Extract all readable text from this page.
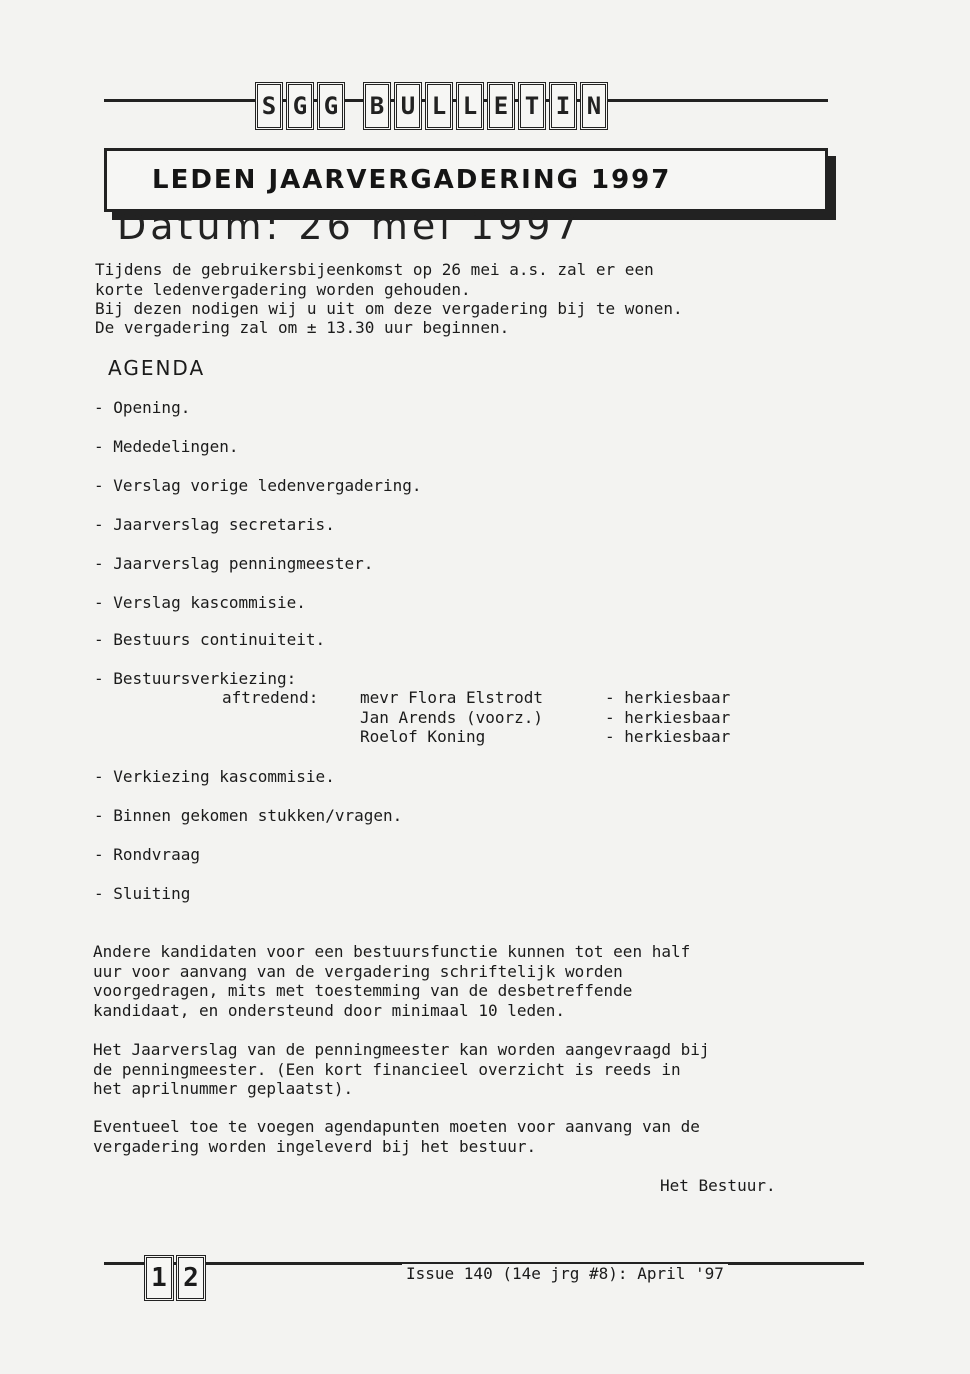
S G G B U L L E T I N
LEDEN JAARVERGADERING 1997
Datum: 26 mei 1997
Tijdens de gebruikersbijeenkomst op 26 mei a.s. zal er een
korte ledenvergadering worden gehouden.
Bij dezen nodigen wij u uit om deze vergadering bij te wonen.
De vergadering zal om ± 13.30 uur beginnen.
AGENDA
- Opening.
- Mededelingen.
- Verslag vorige ledenvergadering.
- Jaarverslag secretaris.
- Jaarverslag penningmeester.
- Verslag kascommisie.
- Bestuurs continuiteit.
- Bestuursverkiezing:
- Verkiezing kascommisie.
- Binnen gekomen stukken/vragen.
- Rondvraag
- Sluiting
aftredend:	mevr Flora Elstrodt	- herkiesbaar
Jan Arends (voorz.)	- herkiesbaar
Roelof Koning	- herkiesbaar
Andere kandidaten voor een bestuursfunctie kunnen tot een half
uur voor aanvang van de vergadering schriftelijk worden
voorgedragen, mits met toestemming van de desbetreffende
kandidaat, en ondersteund door minimaal 10 leden.
Het Jaarverslag van de penningmeester kan worden aangevraagd bij
de penningmeester. (Een kort financieel overzicht is reeds in
het aprilnummer geplaatst).
Eventueel toe te voegen agendapunten moeten voor aanvang van de
vergadering worden ingeleverd bij het bestuur.
Het Bestuur.
1 2	Issue 140 (14e jrg #8): April '97
